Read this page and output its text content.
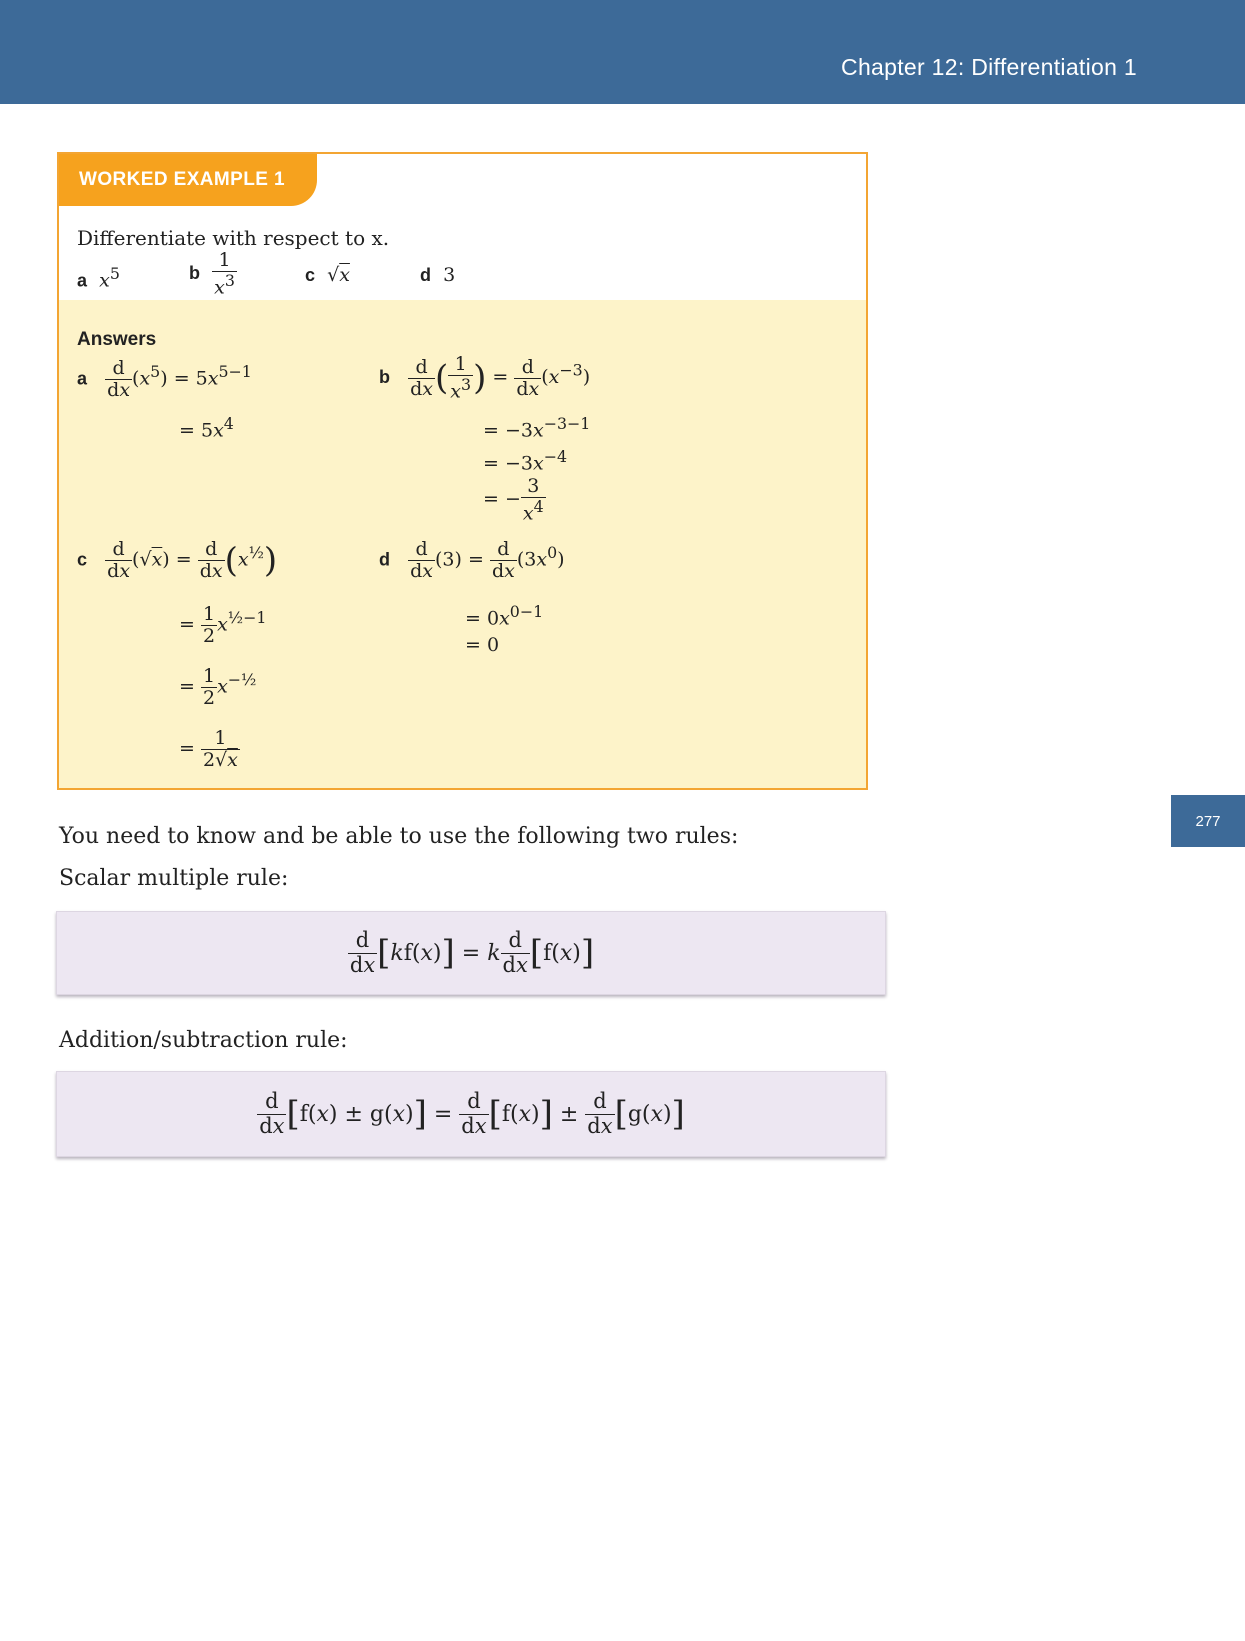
Chapter 12: Differentiation 1
277
WORKED EXAMPLE 1
Differentiate with respect to x.
a $x^5$	b $\frac{1}{x^3}$	c  √x	d 3
Answers
a $\frac{d}{dx} (x^5) = 5x^{5-1}$
= $5x^4$
b $\frac{d}{dx}$ ( $\frac{1}{x^3}$ ) = $\frac{d}{dx} (x^{-3})$
= $-3x^{-3-1}$
= $-3x^{-4}$
= − $\frac{3}{x^4}$
c $\frac{d}{dx} (√x) = \frac{d}{dx} (x^{\frac{1}{2}})$
= $\frac{1}{2} x^{\frac{1}{2}-1}$
= $\frac{1}{2} x^{-\frac{1}{2}}$
= $\frac{1}{2√x}$
d $\frac{d}{dx} (3) = \frac{d}{dx} (3x^0)$
= $0x^{0-1}$
= 0
You need to know and be able to use the following two rules:
Scalar multiple rule:
$\frac{d}{dx}$ [ k f( x ) ] = k $\frac{d}{dx}$ [ f( x ) ]
Addition/subtraction rule:
$\frac{d}{dx}$ [ f( x ) ± g( x ) ] = $\frac{d}{dx}$ [ f( x ) ] ± $\frac{d}{dx}$ [ g( x ) ]
